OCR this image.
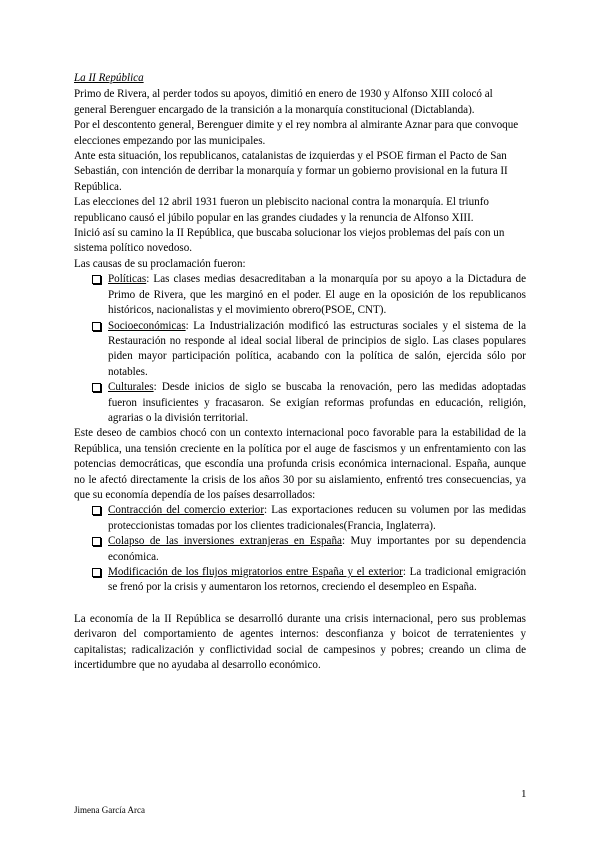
La II República

Primo de Rivera, al perder todos su apoyos, dimitió en enero de 1930 y Alfonso XIII colocó al general Berenguer encargado de la transición a la monarquía constitucional (Dictablanda).

Por el descontento general, Berenguer dimite y el rey nombra al almirante Aznar para que convoque elecciones empezando por las municipales.

Ante esta situación, los republicanos, catalanistas de izquierdas y el PSOE firman el Pacto de San Sebastián, con intención de derribar la monarquía y formar un gobierno provisional en la futura II República.

Las elecciones del 12 abril 1931 fueron un plebiscito nacional contra la monarquía. El triunfo republicano causó el júbilo popular en las grandes ciudades y la renuncia de Alfonso XIII.

Inició así su camino la II República, que buscaba solucionar los viejos problemas del país con un sistema político novedoso.

Las causas de su proclamación fueron:

Políticas: Las clases medias desacreditaban a la monarquía por su apoyo a la Dictadura de Primo de Rivera, que les marginó en el poder. El auge en la oposición de los republicanos históricos, nacionalistas y el movimiento obrero(PSOE, CNT).
Socioeconómicas: La Industrialización modificó las estructuras sociales y el sistema de la Restauración no responde al ideal social liberal de principios de siglo. Las clases populares piden mayor participación política, acabando con la política de salón, ejercida sólo por notables.
Culturales: Desde inicios de siglo se buscaba la renovación, pero las medidas adoptadas fueron insuficientes y fracasaron. Se exigían reformas profundas en educación, religión, agrarias o la división territorial.

Este deseo de cambios chocó con un contexto internacional poco favorable para la estabilidad de la República, una tensión creciente en la política por el auge de fascismos y un enfrentamiento con las potencias democráticas, que escondía una profunda crisis económica internacional. España, aunque no le afectó directamente la crisis de los años 30 por su aislamiento, enfrentó tres consecuencias, ya que su economía dependía de los países desarrollados:

Contracción del comercio exterior: Las exportaciones reducen su volumen por las medidas proteccionistas tomadas por los clientes tradicionales(Francia, Inglaterra).
Colapso de las inversiones extranjeras en España: Muy importantes por su dependencia económica.
Modificación de los flujos migratorios entre España y el exterior: La tradicional emigración se frenó por la crisis y aumentaron los retornos, creciendo el desempleo en España.

La economía de la II República se desarrolló durante una crisis internacional, pero sus problemas derivaron del comportamiento de agentes internos: desconfianza y boicot de terratenientes y capitalistas; radicalización y conflictividad social de campesinos y pobres; creando un clima de incertidumbre que no ayudaba al desarrollo económico.

1
Jimena García Arca
